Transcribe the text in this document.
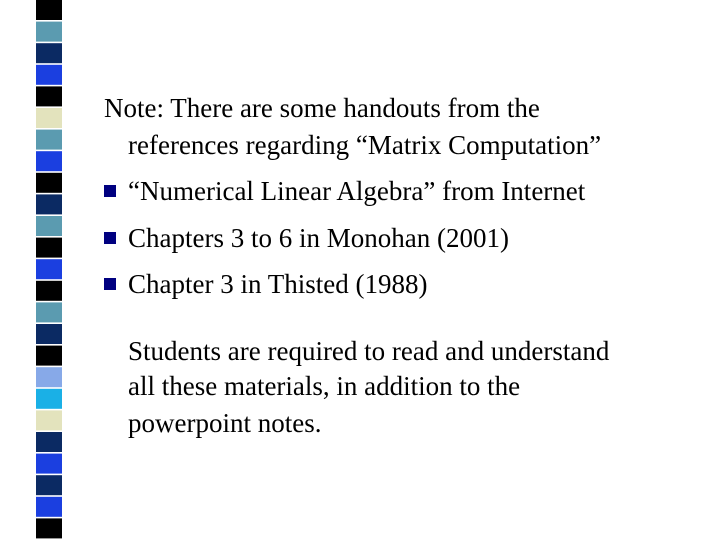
Note: There are some handouts from the
references regarding “Matrix Computation”
“Numerical Linear Algebra” from Internet
Chapters 3 to 6 in Monohan (2001)
Chapter 3 in Thisted (1988)
Students are required to read and understand
all these materials, in addition to the
powerpoint notes.
